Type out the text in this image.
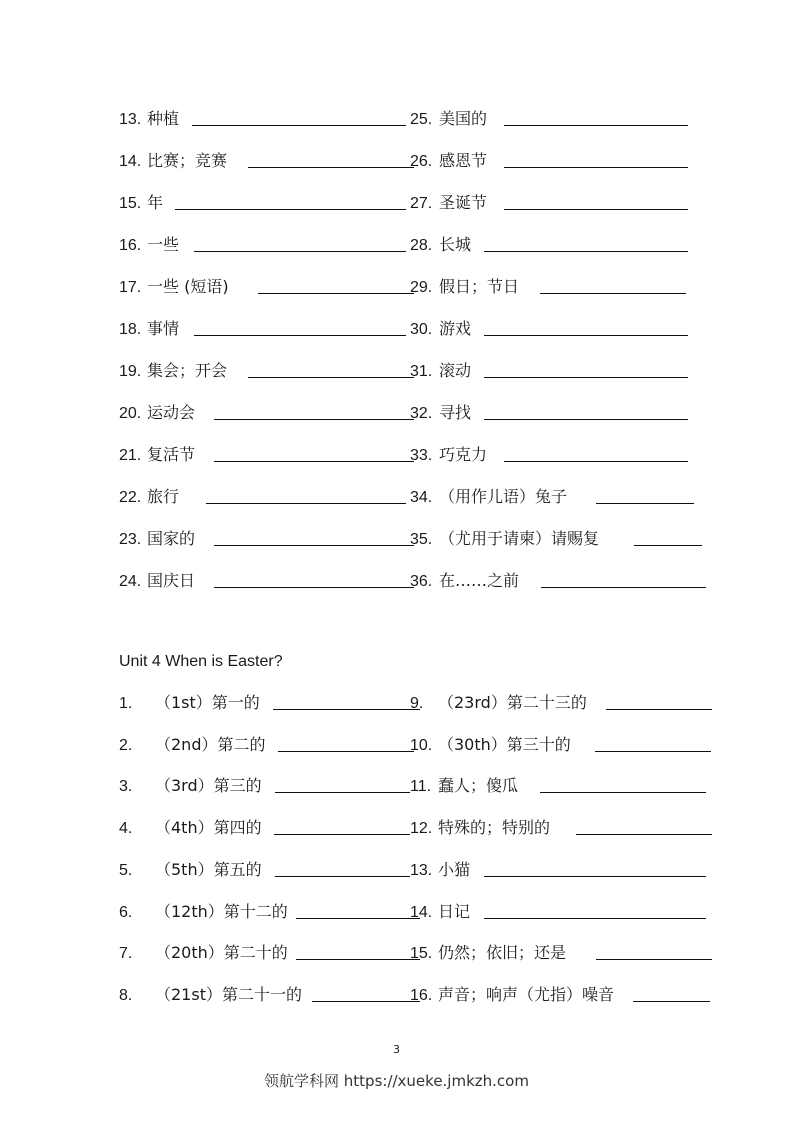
13. 种植
14. 比赛；竞赛
15. 年
16. 一些
17. 一些 (短语)
18. 事情
19. 集会；开会
20. 运动会
21. 复活节
22. 旅行
23. 国家的
24. 国庆日
25. 美国的
26. 感恩节
27. 圣诞节
28. 长城
29. 假日；节日
30. 游戏
31. 滚动
32. 寻找
33. 巧克力
34. （用作儿语）兔子
35. （尤用于请柬）请赐复
36. 在……之前
Unit 4 When is Easter?
1. （1st）第一的
2. （2nd）第二的
3. （3rd）第三的
4. （4th）第四的
5. （5th）第五的
6. （12th）第十二的
7. （20th）第二十的
8. （21st）第二十一的
9. （23rd）第二十三的
10. （30th）第三十的
11. 蠢人；傻瓜
12. 特殊的；特别的
13. 小猫
14. 日记
15. 仍然；依旧；还是
16. 声音；响声（尤指）噪音
3
领航学科网 https://xueke.jmkzh.com
